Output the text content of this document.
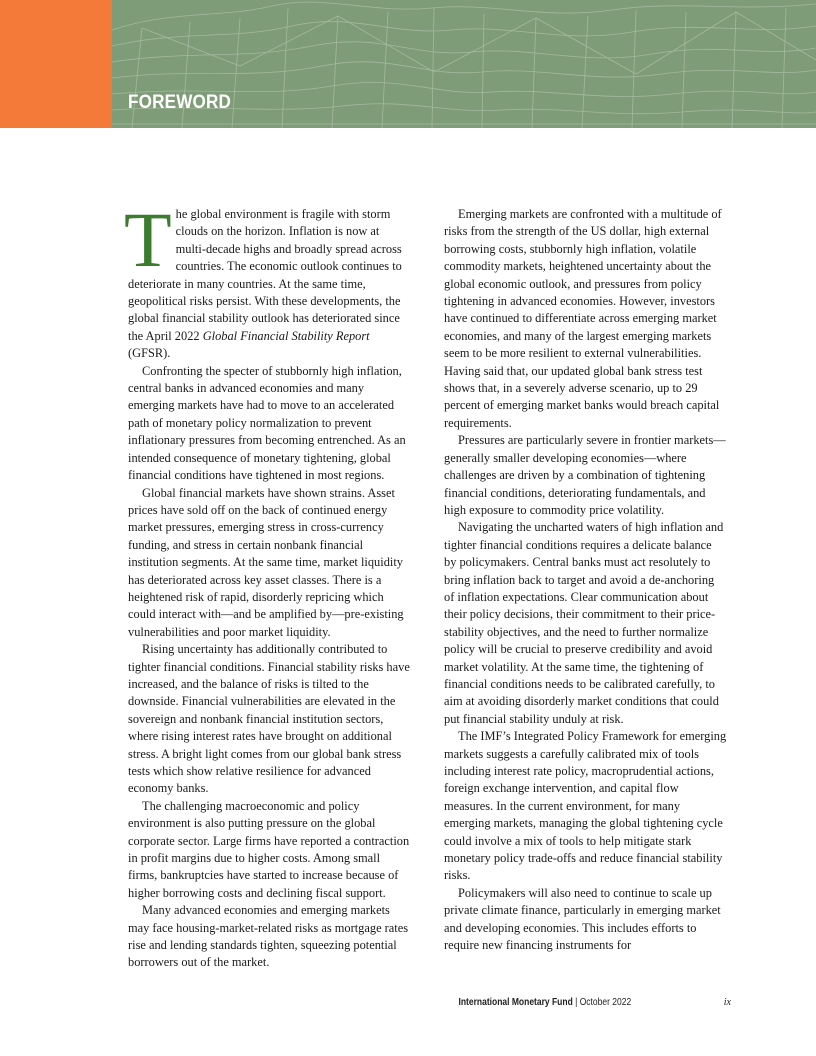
FOREWORD

The global environment is fragile with storm clouds on the horizon. Inflation is now at multi-decade highs and broadly spread across countries. The economic outlook continues to deteriorate in many countries. At the same time, geopolitical risks persist. With these developments, the global financial stability outlook has deteriorated since the April 2022 Global Financial Stability Report (GFSR).

Confronting the specter of stubbornly high inflation, central banks in advanced economies and many emerging markets have had to move to an accelerated path of monetary policy normalization to prevent inflationary pressures from becoming entrenched. As an intended consequence of monetary tightening, global financial conditions have tightened in most regions.

Global financial markets have shown strains. Asset prices have sold off on the back of continued energy market pressures, emerging stress in cross-currency funding, and stress in certain nonbank financial institution segments. At the same time, market liquidity has deteriorated across key asset classes. There is a heightened risk of rapid, disorderly repricing which could interact with—and be amplified by—pre-existing vulnerabilities and poor market liquidity.

Rising uncertainty has additionally contributed to tighter financial conditions. Financial stability risks have increased, and the balance of risks is tilted to the downside. Financial vulnerabilities are elevated in the sovereign and nonbank financial institution sectors, where rising interest rates have brought on additional stress. A bright light comes from our global bank stress tests which show relative resilience for advanced economy banks.

The challenging macroeconomic and policy environment is also putting pressure on the global corporate sector. Large firms have reported a contraction in profit margins due to higher costs. Among small firms, bankruptcies have started to increase because of higher borrowing costs and declining fiscal support.

Many advanced economies and emerging markets may face housing-market-related risks as mortgage rates rise and lending standards tighten, squeezing potential borrowers out of the market.

Emerging markets are confronted with a multitude of risks from the strength of the US dollar, high external borrowing costs, stubbornly high inflation, volatile commodity markets, heightened uncertainty about the global economic outlook, and pressures from policy tightening in advanced economies. However, investors have continued to differentiate across emerging market economies, and many of the largest emerging markets seem to be more resilient to external vulnerabilities. Having said that, our updated global bank stress test shows that, in a severely adverse scenario, up to 29 percent of emerging market banks would breach capital requirements.

Pressures are particularly severe in frontier markets—generally smaller developing economies—where challenges are driven by a combination of tightening financial conditions, deteriorating fundamentals, and high exposure to commodity price volatility.

Navigating the uncharted waters of high inflation and tighter financial conditions requires a delicate balance by policymakers. Central banks must act resolutely to bring inflation back to target and avoid a de-anchoring of inflation expectations. Clear communication about their policy decisions, their commitment to their price-stability objectives, and the need to further normalize policy will be crucial to preserve credibility and avoid market volatility. At the same time, the tightening of financial conditions needs to be calibrated carefully, to aim at avoiding disorderly market conditions that could put financial stability unduly at risk.

The IMF’s Integrated Policy Framework for emerging markets suggests a carefully calibrated mix of tools including interest rate policy, macroprudential actions, foreign exchange intervention, and capital flow measures. In the current environment, for many emerging markets, managing the global tightening cycle could involve a mix of tools to help mitigate stark monetary policy trade-offs and reduce financial stability risks.

Policymakers will also need to continue to scale up private climate finance, particularly in emerging market and developing economies. This includes efforts to require new financing instruments for

International Monetary Fund | October 2022	ix
